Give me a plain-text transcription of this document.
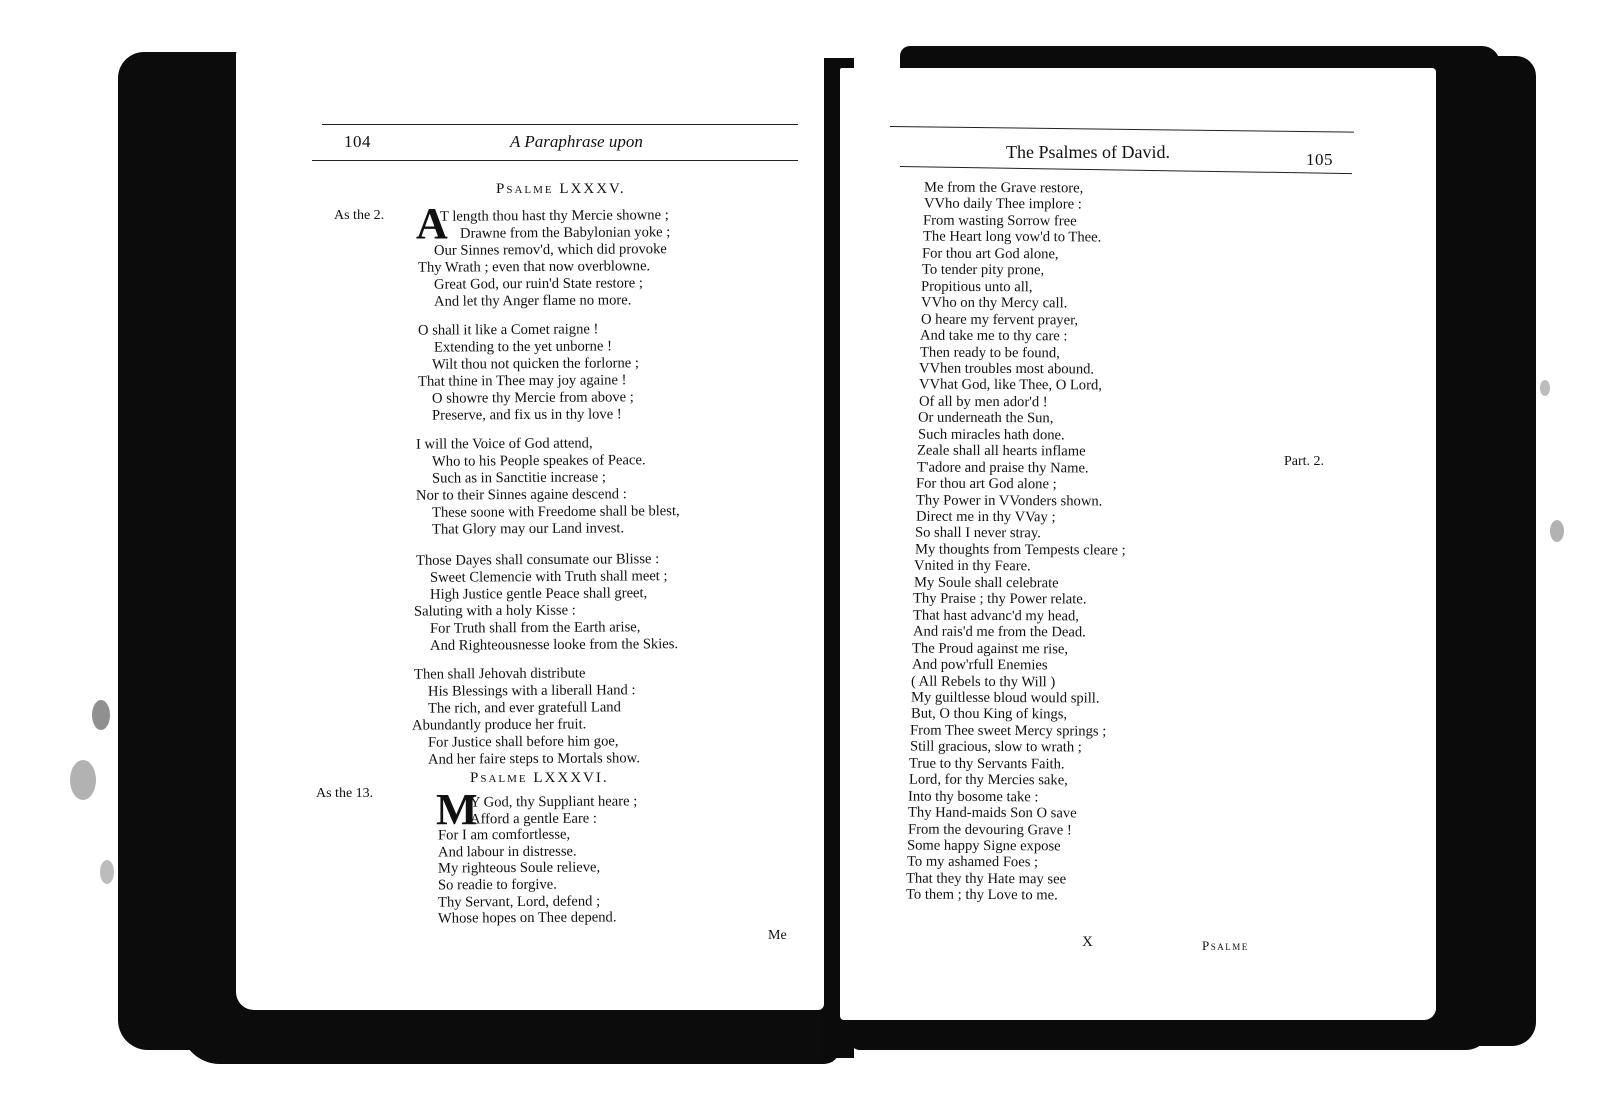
104	A Paraphrase upon
Psalme LXXXV.
As the 2. A
T length thou hast thy Mercie showne ;
Drawne from the Babylonian yoke ;
Our Sinnes remov'd, which did provoke
Thy Wrath ; even that now overblowne.
Great God, our ruin'd State restore ;
And let thy Anger flame no more.
O shall it like a Comet raigne !
Extending to the yet unborne !
Wilt thou not quicken the forlorne ;
That thine in Thee may joy againe !
O showre thy Mercie from above ;
Preserve, and fix us in thy love !
I will the Voice of God attend,
Who to his People speakes of Peace.
Such as in Sanctitie increase ;
Nor to their Sinnes againe descend :
These soone with Freedome shall be blest,
That Glory may our Land invest.
Those Dayes shall consumate our Blisse :
Sweet Clemencie with Truth shall meet ;
High Justice gentle Peace shall greet,
Saluting with a holy Kisse :
For Truth shall from the Earth arise,
And Righteousnesse looke from the Skies.
Then shall Jehovah distribute
His Blessings with a liberall Hand :
The rich, and ever gratefull Land
Abundantly produce her fruit.
For Justice shall before him goe,
And her faire steps to Mortals show.
Psalme LXXXVI.
As the 13. M
Y God, thy Suppliant heare ;
Afford a gentle Eare :
For I am comfortlesse,
And labour in distresse.
My righteous Soule relieve,
So readie to forgive.
Thy Servant, Lord, defend ;
Whose hopes on Thee depend.
Me
The Psalmes of David.	105
Part. 2.
Me from the Grave restore,
VVho daily Thee implore :
From wasting Sorrow free
The Heart long vow'd to Thee.
For thou art God alone,
To tender pity prone,
Propitious unto all,
VVho on thy Mercy call.
O heare my fervent prayer,
And take me to thy care :
Then ready to be found,
VVhen troubles most abound.
VVhat God, like Thee, O Lord,
Of all by men ador'd !
Or underneath the Sun,
Such miracles hath done.
Zeale shall all hearts inflame
T'adore and praise thy Name.
For thou art God alone ;
Thy Power in VVonders shown.
Direct me in thy VVay ;
So shall I never stray.
My thoughts from Tempests cleare ;
Vnited in thy Feare.
My Soule shall celebrate
Thy Praise ; thy Power relate.
That hast advanc'd my head,
And rais'd me from the Dead.
The Proud against me rise,
And pow'rfull Enemies
( All Rebels to thy Will )
My guiltlesse bloud would spill.
But, O thou King of kings,
From Thee sweet Mercy springs ;
Still gracious, slow to wrath ;
True to thy Servants Faith.
Lord, for thy Mercies sake,
Into thy bosome take :
Thy Hand-maids Son O save
From the devouring Grave !
Some happy Signe expose
To my ashamed Foes ;
That they thy Hate may see
To them ; thy Love to me.
X	Psalme
